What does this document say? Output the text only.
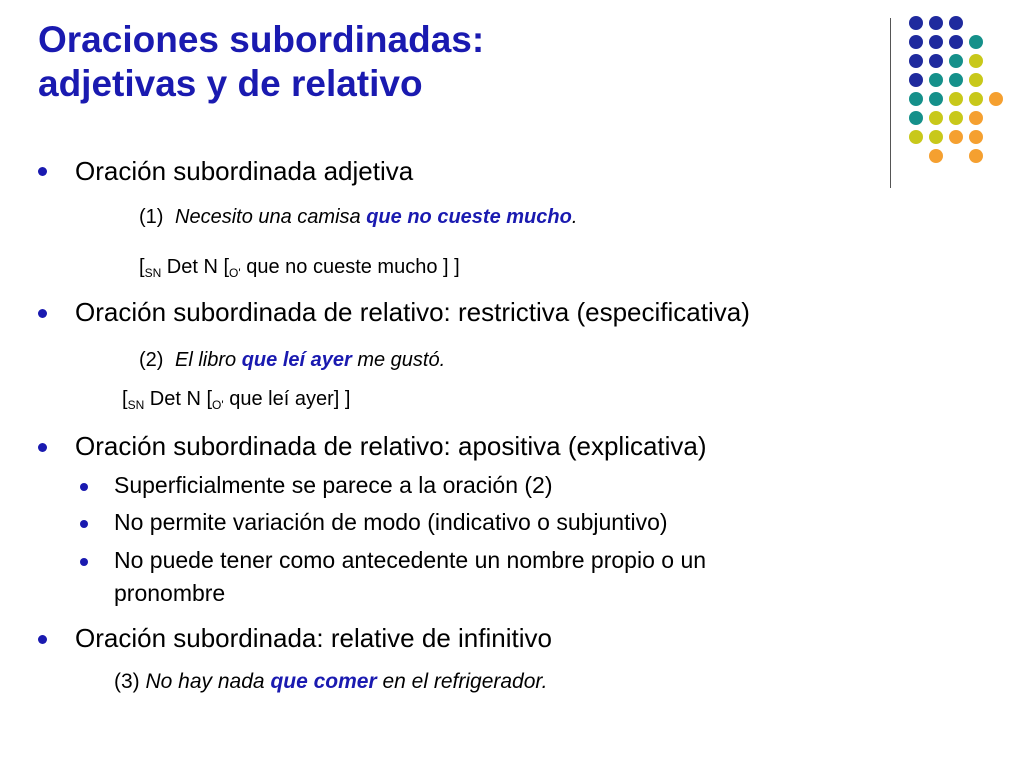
Oraciones subordinadas:
adjetivas y de relativo
Oración subordinada adjetiva
(1) Necesito una camisa que no cueste mucho.
[$_{SN}$ Det N [$_{O'}$ que no cueste mucho ] ]
Oración subordinada de relativo: restrictiva (especificativa)
(2) El libro que leí ayer me gustó.
[$_{SN}$ Det N [$_{O'}$ que leí ayer] ]
Oración subordinada de relativo: apositiva (explicativa)
Superficialmente se parece a la oración (2)
No permite variación de modo (indicativo o subjuntivo)
No puede tener como antecedente un nombre propio o un
pronombre
Oración subordinada: relative de infinitivo
(3) No hay nada que comer en el refrigerador.
